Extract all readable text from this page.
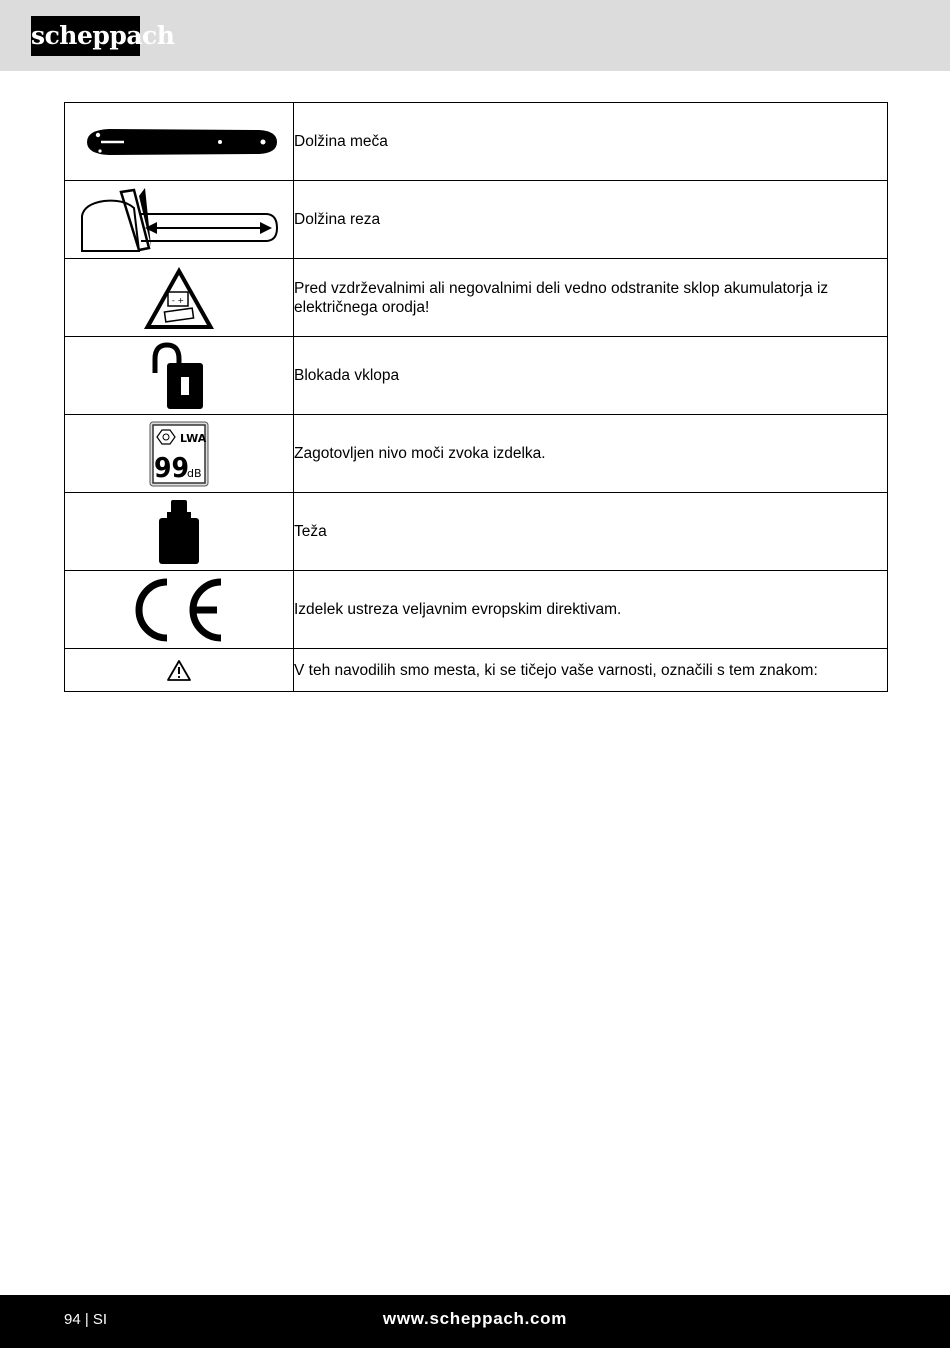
scheppach
	Dolžina meča

	Dolžina reza

- +	Pred vzdrževalnimi ali negovalnimi deli vedno odstranite sklop akumulatorja iz električnega orodja!

	Blokada vklopa

LWA
99
dB	Zagotovljen nivo moči zvoka izdelka.

	Teža

	Izdelek ustreza veljavnim evropskim direktivam.

	V teh navodilih smo mesta, ki se tičejo vaše varnosti, označili s tem znakom:
94 | SI	www.scheppach.com
